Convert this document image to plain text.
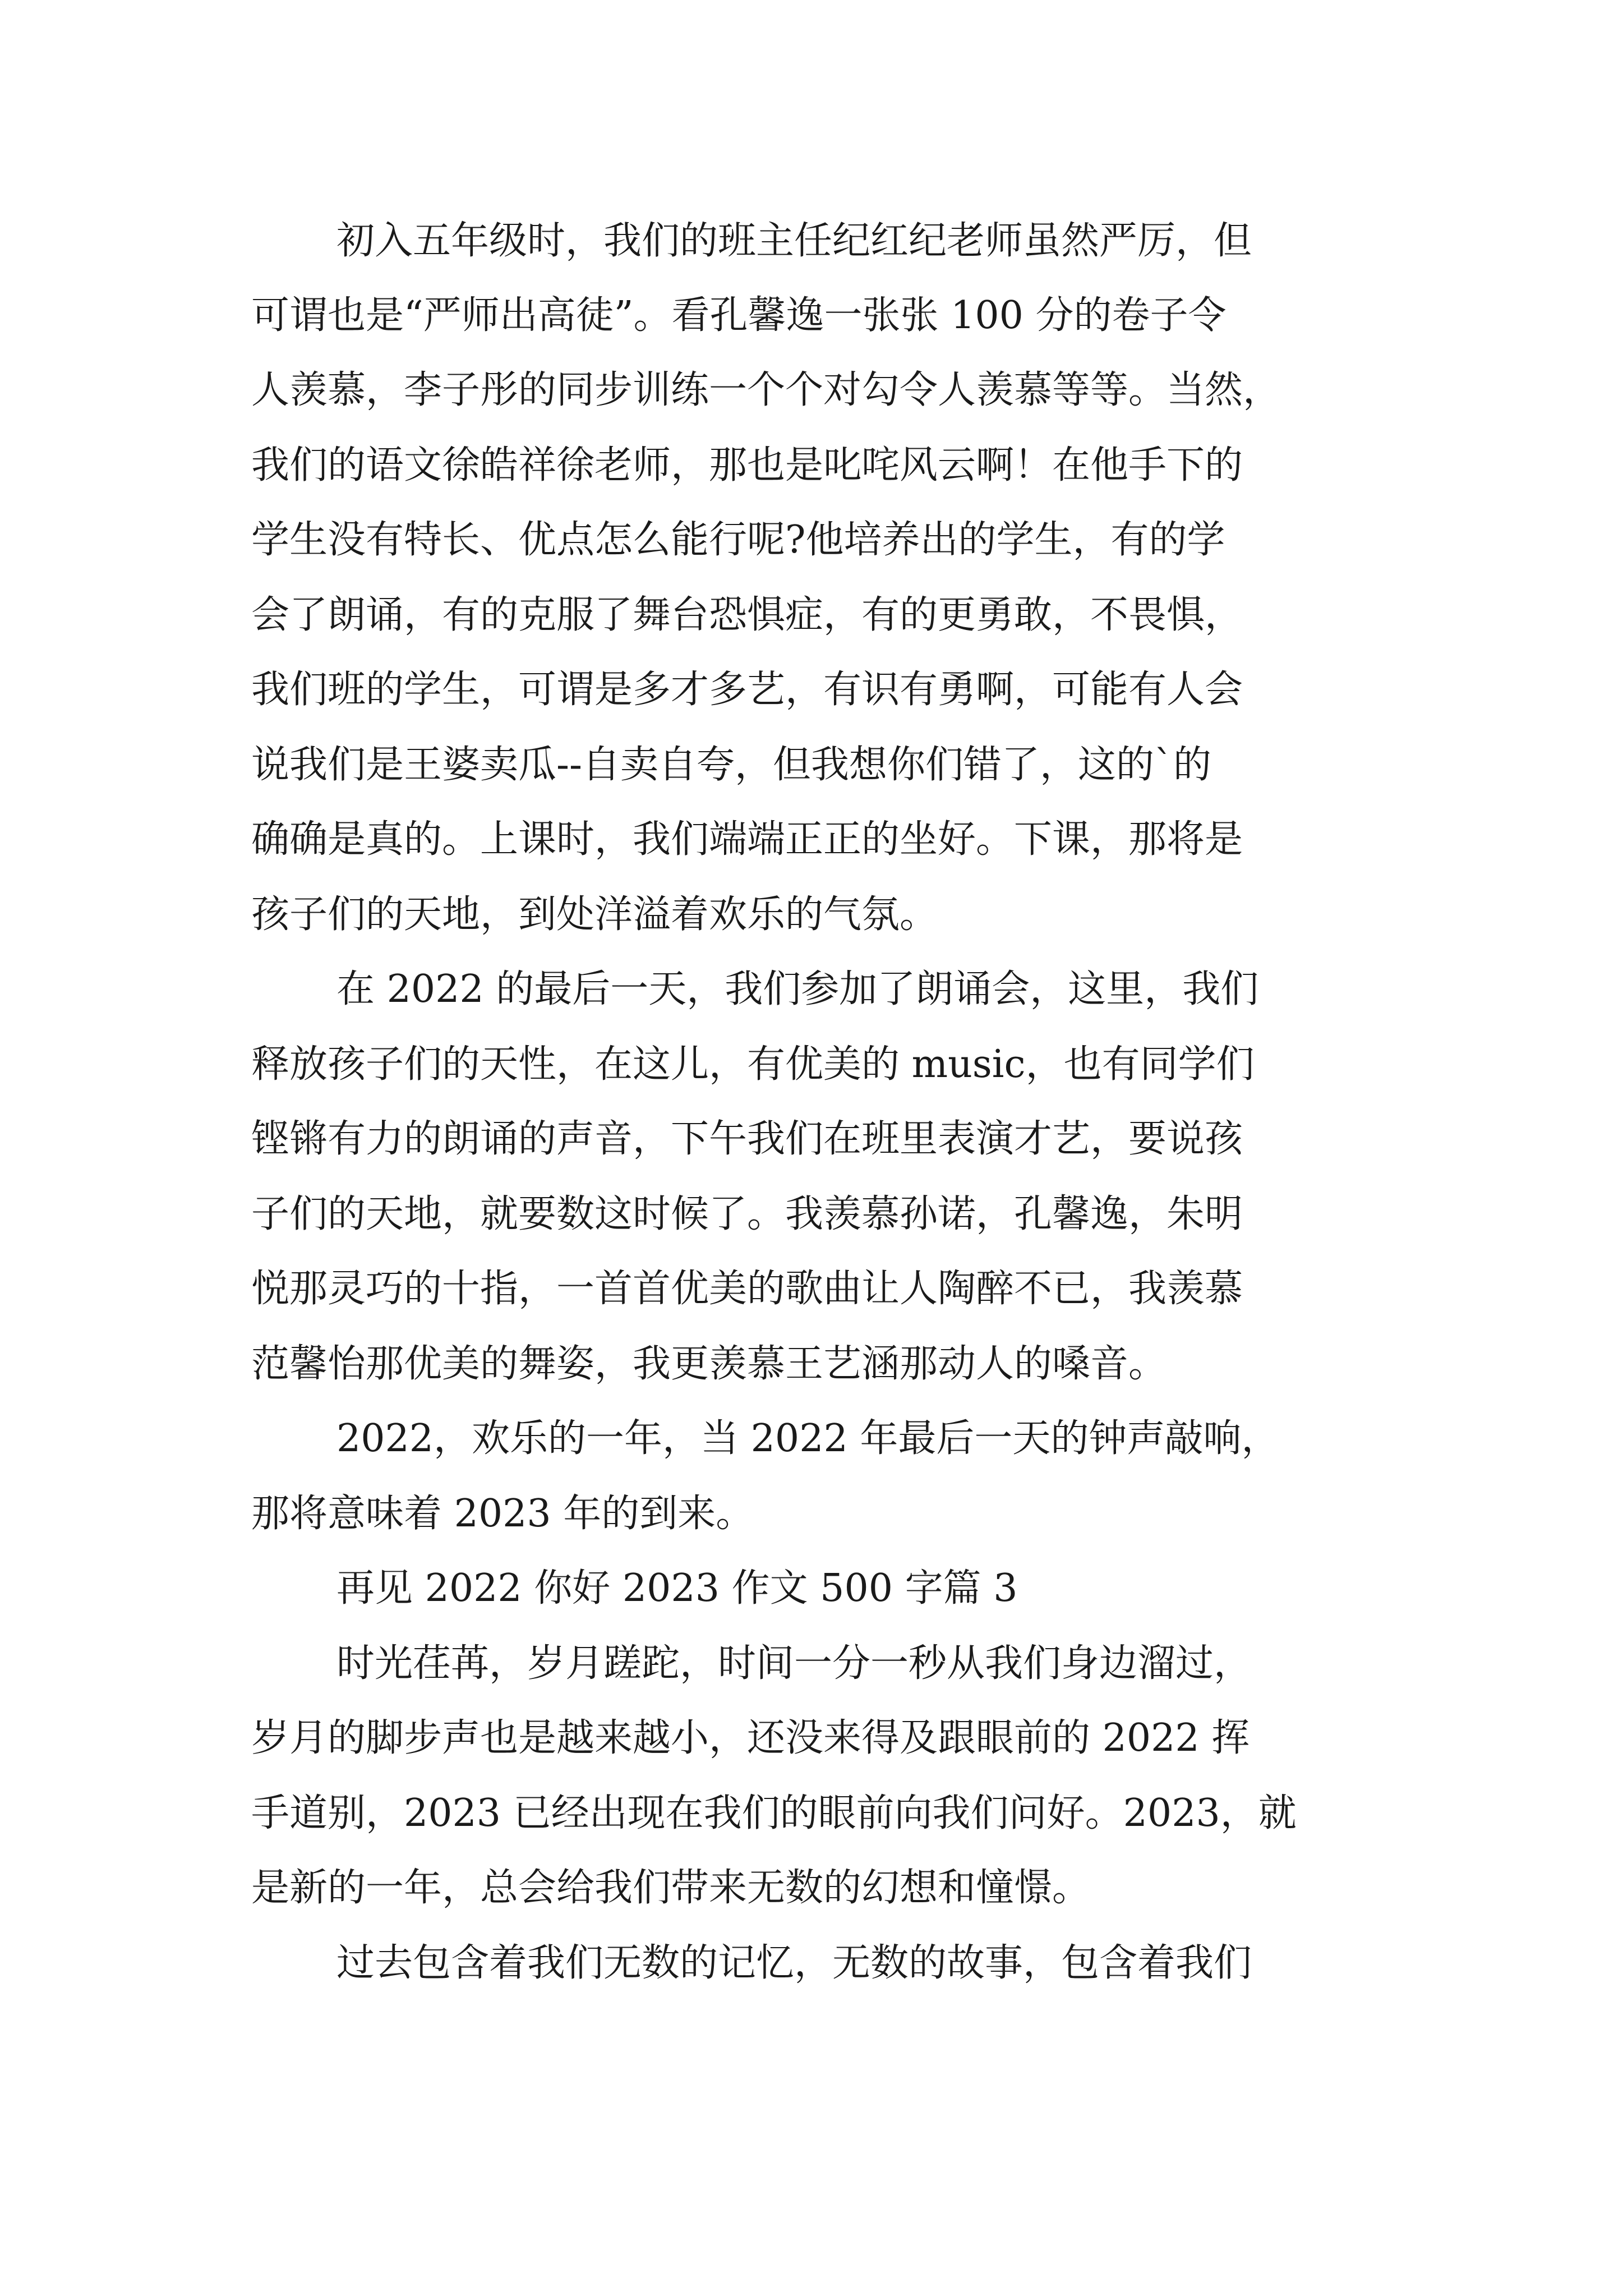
初入五年级时，我们的班主任纪红纪老师虽然严厉，但
可谓也是“严师出高徒”。看孔馨逸一张张 100 分的卷子令
人羡慕，李子彤的同步训练一个个对勾令人羡慕等等。当然，
我们的语文徐皓祥徐老师，那也是叱咤风云啊！在他手下的
学生没有特长、优点怎么能行呢?他培养出的学生，有的学
会了朗诵，有的克服了舞台恐惧症，有的更勇敢，不畏惧，
我们班的学生，可谓是多才多艺，有识有勇啊，可能有人会
说我们是王婆卖瓜--自卖自夸，但我想你们错了，这的`的
确确是真的。上课时，我们端端正正的坐好。下课，那将是
孩子们的天地，到处洋溢着欢乐的气氛。
在 2022 的最后一天，我们参加了朗诵会，这里，我们
释放孩子们的天性，在这儿，有优美的 music，也有同学们
铿锵有力的朗诵的声音，下午我们在班里表演才艺，要说孩
子们的天地，就要数这时候了。我羡慕孙诺，孔馨逸，朱明
悦那灵巧的十指，一首首优美的歌曲让人陶醉不已，我羡慕
范馨怡那优美的舞姿，我更羡慕王艺涵那动人的嗓音。
2022，欢乐的一年，当 2022 年最后一天的钟声敲响，
那将意味着 2023 年的到来。
再见 2022 你好 2023 作文 500 字篇 3
时光荏苒，岁月蹉跎，时间一分一秒从我们身边溜过，
岁月的脚步声也是越来越小，还没来得及跟眼前的 2022 挥
手道别，2023 已经出现在我们的眼前向我们问好。2023，就
是新的一年，总会给我们带来无数的幻想和憧憬。
过去包含着我们无数的记忆，无数的故事，包含着我们
